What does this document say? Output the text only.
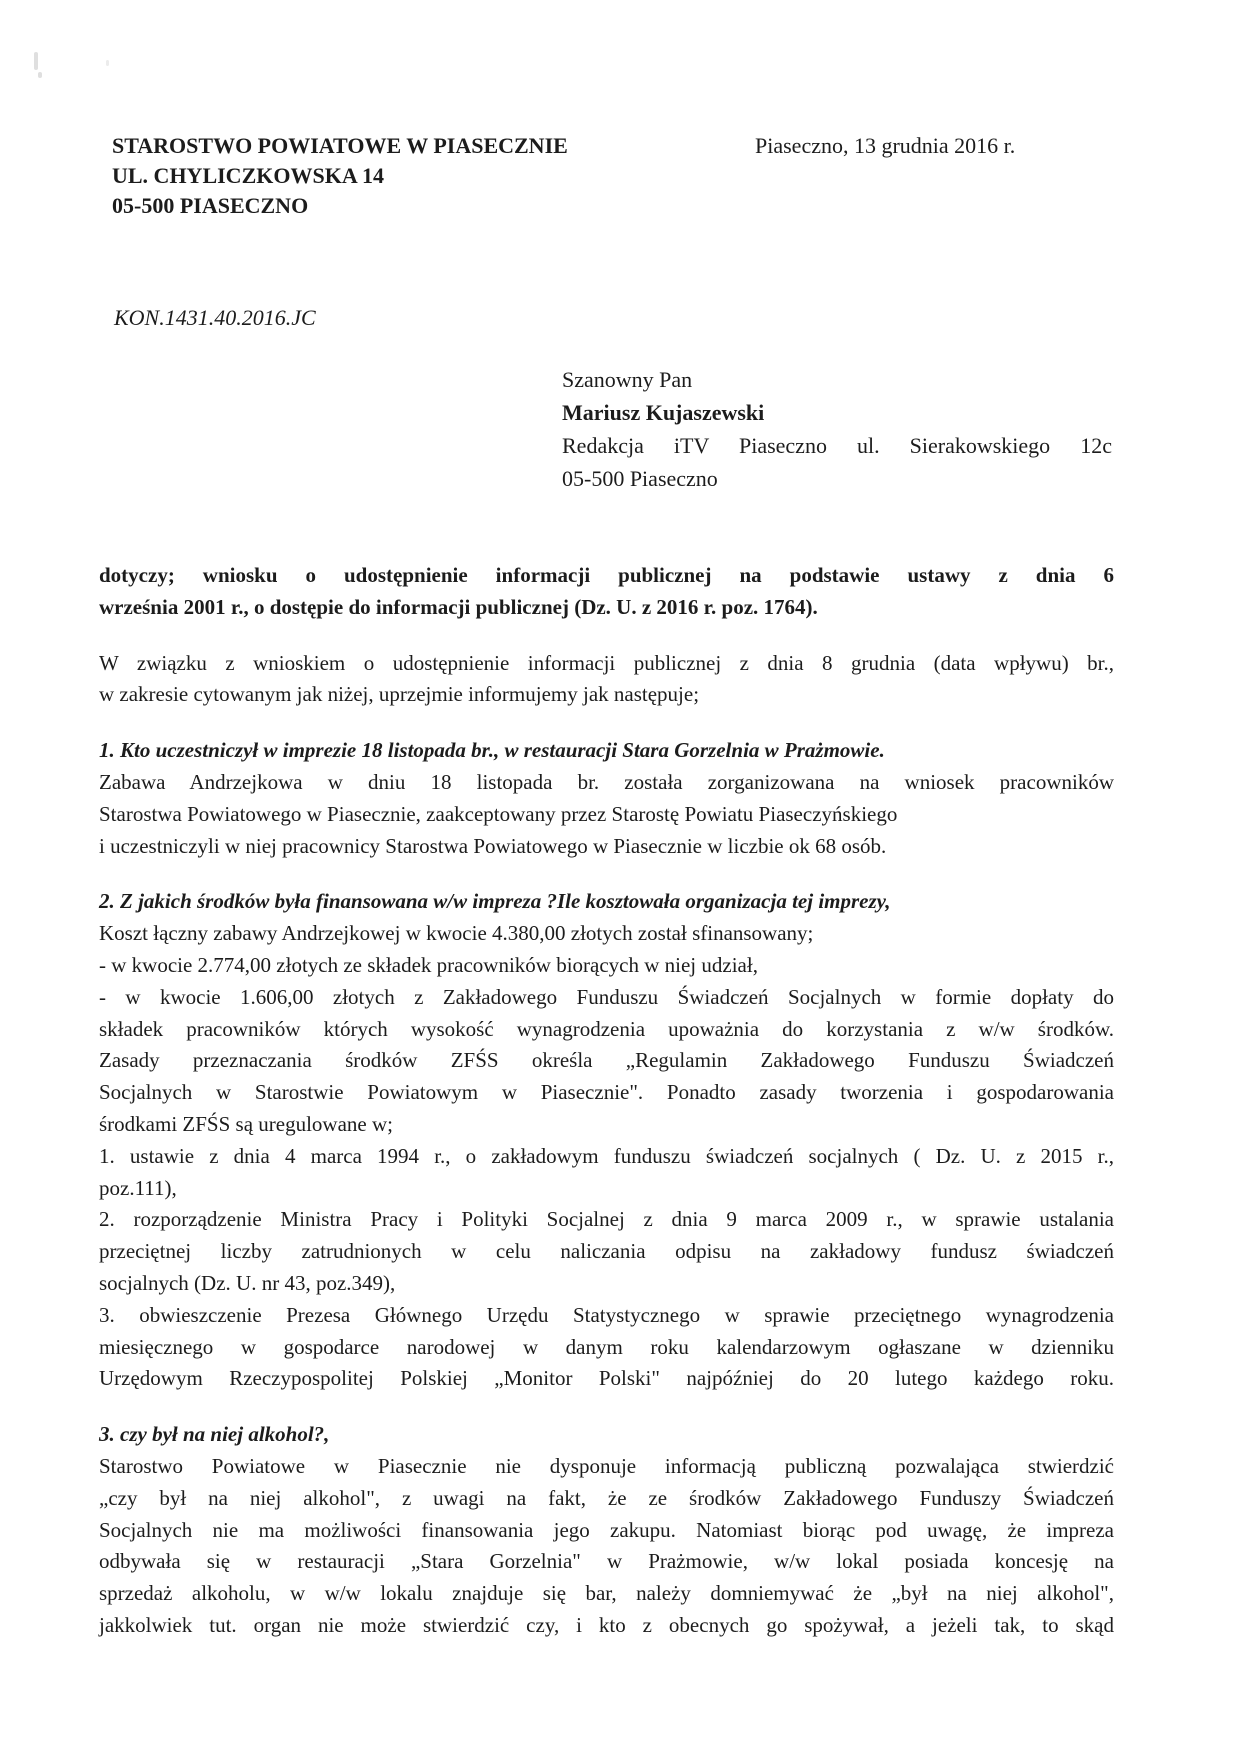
STAROSTWO POWIATOWE W PIASECZNIE
UL. CHYLICZKOWSKA 14
05-500 PIASECZNO
Piaseczno, 13 grudnia 2016 r.
KON.1431.40.2016.JC
Szanowny Pan
Mariusz Kujaszewski
Redakcja iTV Piaseczno ul. Sierakowskiego 12c
05-500 Piaseczno
dotyczy; wniosku o udostępnienie informacji publicznej na podstawie ustawy z dnia 6
września 2001 r., o dostępie do informacji publicznej (Dz. U. z 2016 r. poz. 1764).
W związku z wnioskiem o udostępnienie informacji publicznej z dnia 8 grudnia (data wpływu) br.,
w zakresie cytowanym jak niżej, uprzejmie informujemy jak następuje;
1. Kto uczestniczył w imprezie 18 listopada br., w restauracji Stara Gorzelnia w Prażmowie.
Zabawa Andrzejkowa w dniu 18 listopada br. została zorganizowana na wniosek pracowników
Starostwa Powiatowego w Piasecznie, zaakceptowany przez Starostę Powiatu Piaseczyńskiego
i uczestniczyli w niej pracownicy Starostwa Powiatowego w Piasecznie w liczbie ok 68 osób.
2. Z jakich środków była finansowana w/w impreza ?Ile kosztowała organizacja tej imprezy,
Koszt łączny zabawy Andrzejkowej w kwocie 4.380,00 złotych został sfinansowany;
- w kwocie 2.774,00 złotych ze składek pracowników biorących w niej udział,
- w kwocie 1.606,00 złotych z Zakładowego Funduszu Świadczeń Socjalnych w formie dopłaty do
składek pracowników których wysokość wynagrodzenia upoważnia do korzystania z w/w środków.
Zasady przeznaczania środków ZFŚS określa „Regulamin Zakładowego Funduszu Świadczeń
Socjalnych w Starostwie Powiatowym w Piasecznie". Ponadto zasady tworzenia i gospodarowania
środkami ZFŚS są uregulowane w;
1. ustawie z dnia 4 marca 1994 r., o zakładowym funduszu świadczeń socjalnych ( Dz. U. z 2015 r.,
poz.111),
2. rozporządzenie Ministra Pracy i Polityki Socjalnej z dnia 9 marca 2009 r., w sprawie ustalania
przeciętnej liczby zatrudnionych w celu naliczania odpisu na zakładowy fundusz świadczeń
socjalnych (Dz. U. nr 43, poz.349),
3. obwieszczenie Prezesa Głównego Urzędu Statystycznego w sprawie przeciętnego wynagrodzenia
miesięcznego w gospodarce narodowej w danym roku kalendarzowym ogłaszane w dzienniku
Urzędowym Rzeczypospolitej Polskiej „Monitor Polski" najpóźniej do 20 lutego każdego roku.
3. czy był na niej alkohol?,
Starostwo Powiatowe w Piasecznie nie dysponuje informacją publiczną pozwalająca stwierdzić
„czy był na niej alkohol", z uwagi na fakt, że ze środków Zakładowego Funduszy Świadczeń
Socjalnych nie ma możliwości finansowania jego zakupu. Natomiast biorąc pod uwagę, że impreza
odbywała się w restauracji „Stara Gorzelnia" w Prażmowie, w/w lokal posiada koncesję na
sprzedaż alkoholu, w w/w lokalu znajduje się bar, należy domniemywać że „był na niej alkohol",
jakkolwiek tut. organ nie może stwierdzić czy, i kto z obecnych go spożywał, a jeżeli tak, to skąd
